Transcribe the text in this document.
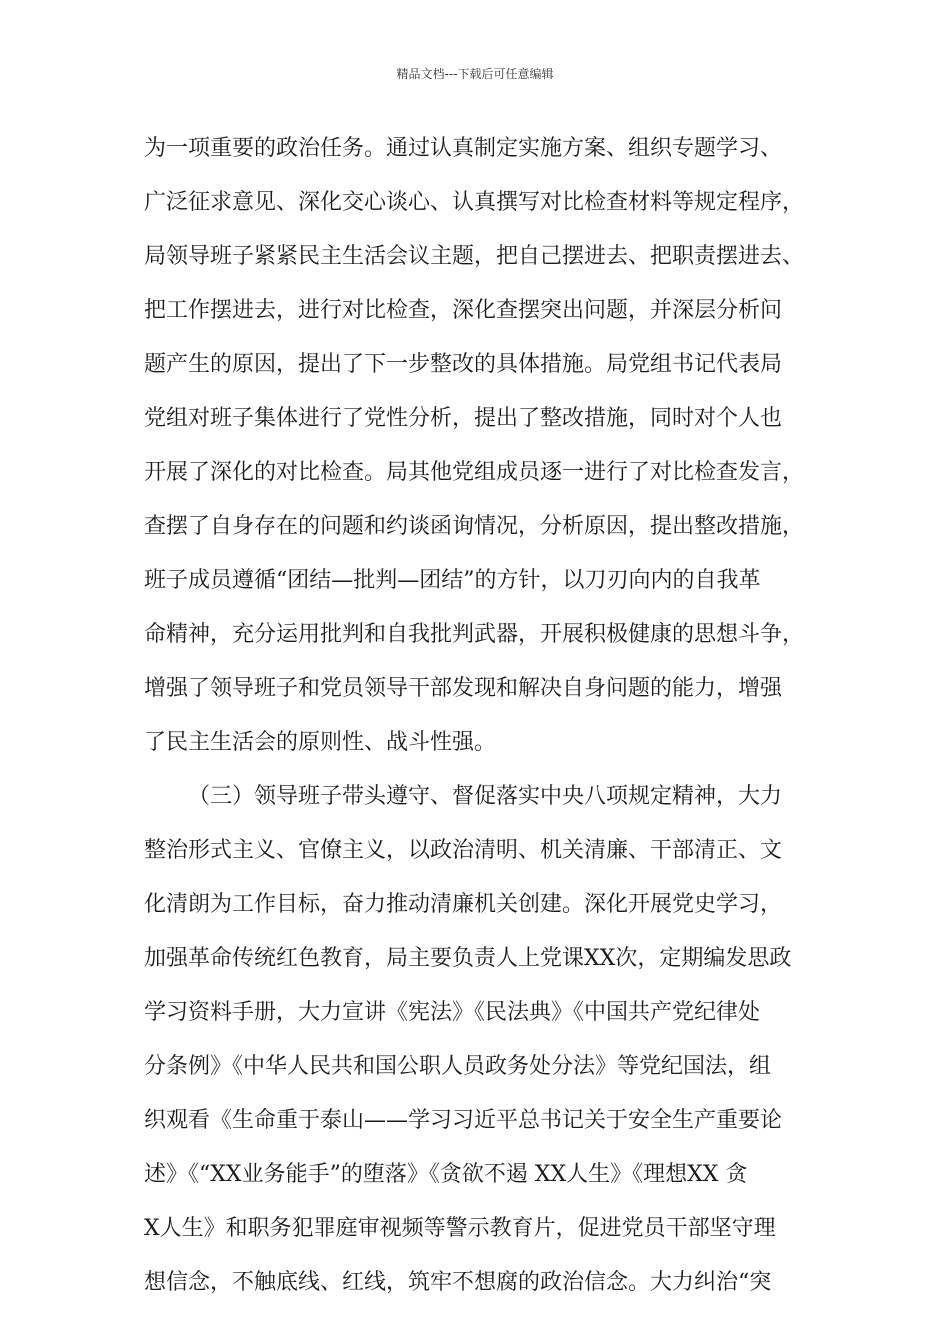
精品文档---下载后可任意编辑
为一项重要的政治任务。通过认真制定实施方案、组织专题学习、
广泛征求意见、深化交心谈心、认真撰写对比检查材料等规定程序，
局领导班子紧紧民主生活会议主题，把自己摆进去、把职责摆进去、
把工作摆进去，进行对比检查，深化查摆突出问题，并深层分析问
题产生的原因，提出了下一步整改的具体措施。局党组书记代表局
党组对班子集体进行了党性分析，提出了整改措施，同时对个人也
开展了深化的对比检查。局其他党组成员逐一进行了对比检查发言，
查摆了自身存在的问题和约谈函询情况，分析原因，提出整改措施，
班子成员遵循“团结—批判—团结”的方针，以刀刃向内的自我革
命精神，充分运用批判和自我批判武器，开展积极健康的思想斗争，
增强了领导班子和党员领导干部发现和解决自身问题的能力，增强
了民主生活会的原则性、战斗性强。
（三）领导班子带头遵守、督促落实中央八项规定精神，大力
整治形式主义、官僚主义，以政治清明、机关清廉、干部清正、文
化清朗为工作目标，奋力推动清廉机关创建。深化开展党史学习，
加强革命传统红色教育，局主要负责人上党课XX次，定期编发思政
学习资料手册，大力宣讲《宪法》《民法典》《中国共产党纪律处
分条例》《中华人民共和国公职人员政务处分法》等党纪国法，组
织观看《生命重于泰山——学习习近平总书记关于安全生产重要论
述》《“XX业务能手”的堕落》《贪欲不遏 XX人生》《理想XX 贪
X人生》和职务犯罪庭审视频等警示教育片，促进党员干部坚守理
想信念，不触底线、红线，筑牢不想腐的政治信念。大力纠治“突
